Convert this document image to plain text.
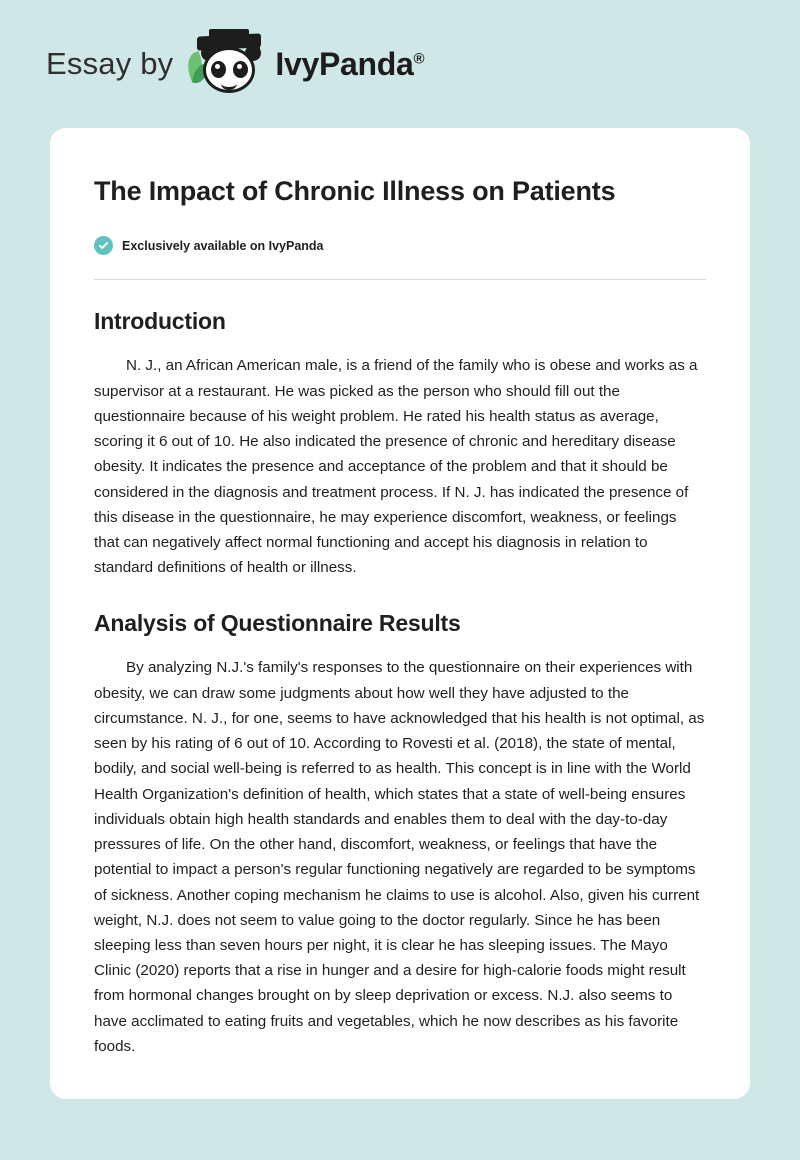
Essay by	IvyPanda®
The Impact of Chronic Illness on Patients
Exclusively available on IvyPanda
Introduction

N. J., an African American male, is a friend of the family who is obese and works as a supervisor at a restaurant. He was picked as the person who should fill out the questionnaire because of his weight problem. He rated his health status as average, scoring it 6 out of 10. He also indicated the presence of chronic and hereditary disease obesity. It indicates the presence and acceptance of the problem and that it should be considered in the diagnosis and treatment process. If N. J. has indicated the presence of this disease in the questionnaire, he may experience discomfort, weakness, or feelings that can negatively affect normal functioning and accept his diagnosis in relation to standard definitions of health or illness.

Analysis of Questionnaire Results

By analyzing N.J.'s family's responses to the questionnaire on their experiences with obesity, we can draw some judgments about how well they have adjusted to the circumstance. N. J., for one, seems to have acknowledged that his health is not optimal, as seen by his rating of 6 out of 10. According to Rovesti et al. (2018), the state of mental, bodily, and social well-being is referred to as health. This concept is in line with the World Health Organization's definition of health, which states that a state of well-being ensures individuals obtain high health standards and enables them to deal with the day-to-day pressures of life. On the other hand, discomfort, weakness, or feelings that have the potential to impact a person's regular functioning negatively are regarded to be symptoms of sickness. Another coping mechanism he claims to use is alcohol. Also, given his current weight, N.J. does not seem to value going to the doctor regularly. Since he has been sleeping less than seven hours per night, it is clear he has sleeping issues. The Mayo Clinic (2020) reports that a rise in hunger and a desire for high-calorie foods might result from hormonal changes brought on by sleep deprivation or excess. N.J. also seems to have acclimated to eating fruits and vegetables, which he now describes as his favorite foods.
